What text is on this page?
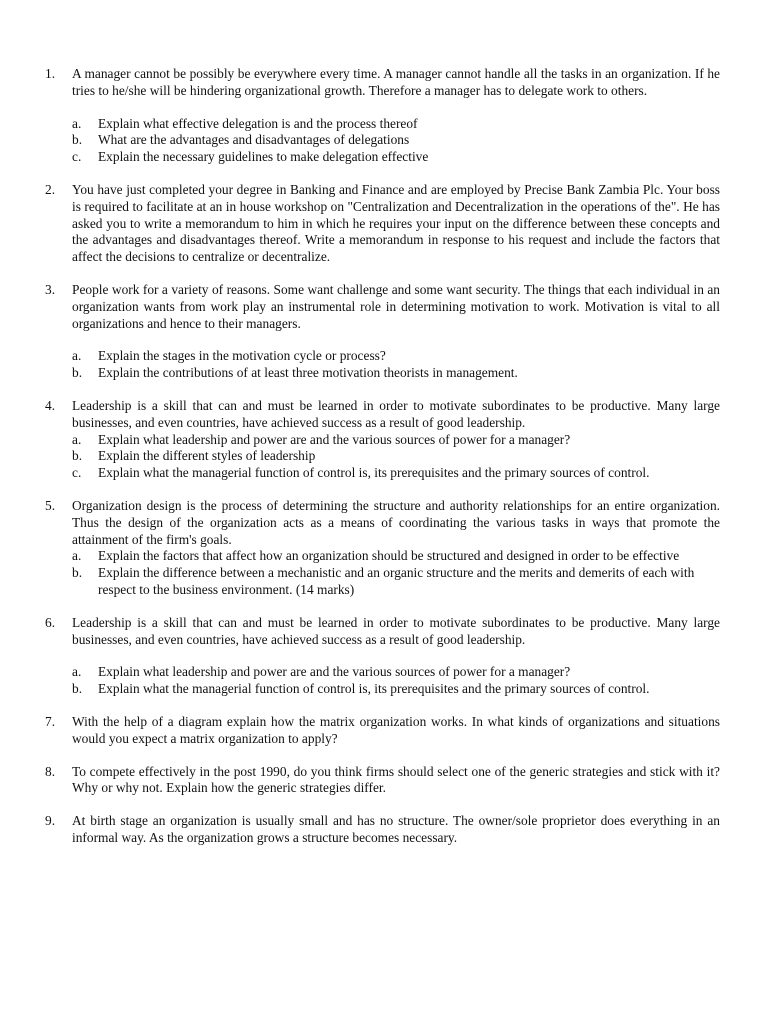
1. A manager cannot be possibly be everywhere every time. A manager cannot handle all the tasks in an organization. If he tries to he/she will be hindering organizational growth. Therefore a manager has to delegate work to others.
a. Explain what effective delegation is and the process thereof
b. What are the advantages and disadvantages of delegations
c. Explain the necessary guidelines to make delegation effective
2. You have just completed your degree in Banking and Finance and are employed by Precise Bank Zambia Plc. Your boss is required to facilitate at an in house workshop on "Centralization and Decentralization in the operations of the". He has asked you to write a memorandum to him in which he requires your input on the difference between these concepts and the advantages and disadvantages thereof. Write a memorandum in response to his request and include the factors that affect the decisions to centralize or decentralize.
3. People work for a variety of reasons. Some want challenge and some want security. The things that each individual in an organization wants from work play an instrumental role in determining motivation to work. Motivation is vital to all organizations and hence to their managers.
a. Explain the stages in the motivation cycle or process?
b. Explain the contributions of at least three motivation theorists in management.
4. Leadership is a skill that can and must be learned in order to motivate subordinates to be productive. Many large businesses, and even countries, have achieved success as a result of good leadership.
a. Explain what leadership and power are and the various sources of power for a manager?
b. Explain the different styles of leadership
c. Explain what the managerial function of control is, its prerequisites and the primary sources of control.
5. Organization design is the process of determining the structure and authority relationships for an entire organization. Thus the design of the organization acts as a means of coordinating the various tasks in ways that promote the attainment of the firm's goals.
a. Explain the factors that affect how an organization should be structured and designed in order to be effective
b. Explain the difference between a mechanistic and an organic structure and the merits and demerits of each with respect to the business environment. (14 marks)
6. Leadership is a skill that can and must be learned in order to motivate subordinates to be productive. Many large businesses, and even countries, have achieved success as a result of good leadership.
a. Explain what leadership and power are and the various sources of power for a manager?
b. Explain what the managerial function of control is, its prerequisites and the primary sources of control.
7. With the help of a diagram explain how the matrix organization works. In what kinds of organizations and situations would you expect a matrix organization to apply?
8. To compete effectively in the post 1990, do you think firms should select one of the generic strategies and stick with it? Why or why not. Explain how the generic strategies differ.
9. At birth stage an organization is usually small and has no structure. The owner/sole proprietor does everything in an informal way. As the organization grows a structure becomes necessary.
